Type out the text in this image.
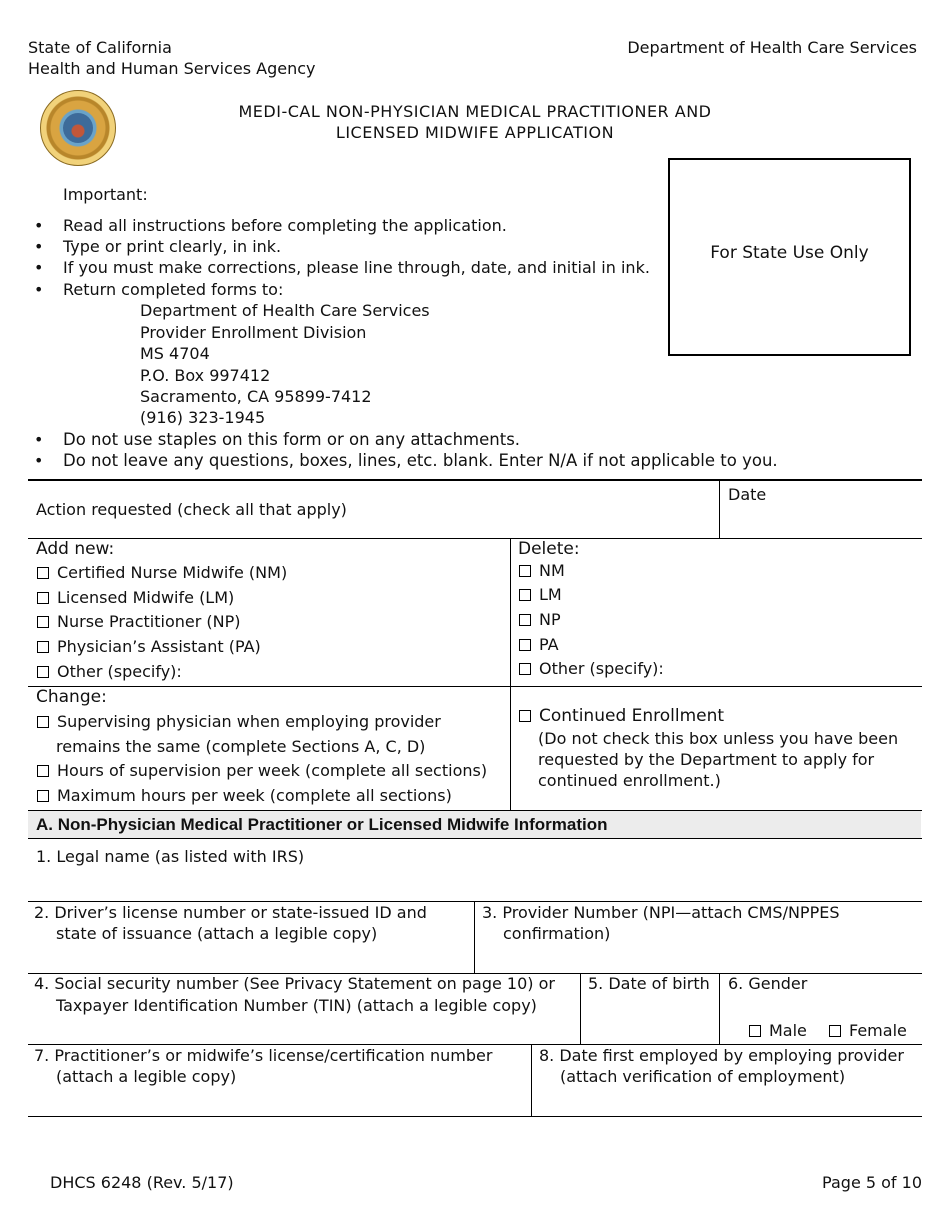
State of California
Health and Human Services Agency
Department of Health Care Services
MEDI-CAL NON-PHYSICIAN MEDICAL PRACTITIONER AND
LICENSED MIDWIFE APPLICATION
For State Use Only
Important:
• Read all instructions before completing the application.
• Type or print clearly, in ink.
• If you must make corrections, please line through, date, and initial in ink.
• Return completed forms to:
Department of Health Care Services
Provider Enrollment Division
MS 4704
P.O. Box 997412
Sacramento, CA 95899-7412
(916) 323-1945
• Do not use staples on this form or on any attachments.
• Do not leave any questions, boxes, lines, etc. blank. Enter N/A if not applicable to you.
Action requested (check all that apply)
Date
Add new:
Certified Nurse Midwife (NM)
Licensed Midwife (LM)
Nurse Practitioner (NP)
Physician’s Assistant (PA)
Other (specify):
Delete:
NM
LM
NP
PA
Other (specify):
Change:
Supervising physician when employing provider
remains the same (complete Sections A, C, D)
Hours of supervision per week (complete all sections)
Maximum hours per week (complete all sections)
Continued Enrollment
(Do not check this box unless you have been
requested by the Department to apply for
continued enrollment.)
A. Non-Physician Medical Practitioner or Licensed Midwife Information
1. Legal name (as listed with IRS)
2. Driver’s license number or state-issued ID and
state of issuance (attach a legible copy)
3. Provider Number (NPI—attach CMS/NPPES
confirmation)
4. Social security number (See Privacy Statement on page 10) or
Taxpayer Identification Number (TIN) (attach a legible copy)
5. Date of birth 6. Gender
Male	Female
7. Practitioner’s or midwife’s license/certification number
(attach a legible copy)
8. Date first employed by employing provider
(attach verification of employment)
DHCS 6248 (Rev. 5/17)	Page 5 of 10
